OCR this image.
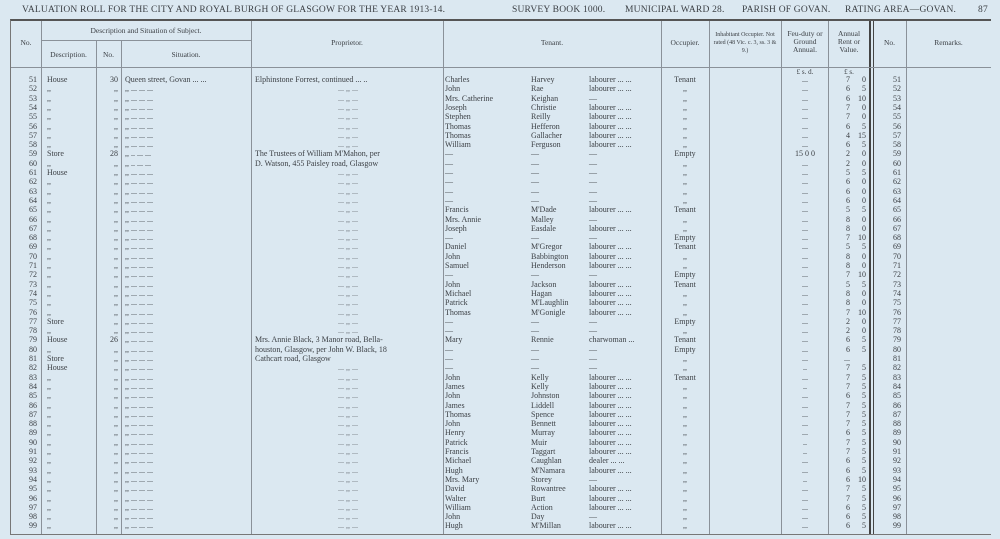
VALUATION ROLL FOR THE CITY AND ROYAL BURGH OF GLASGOW FOR THE YEAR 1913-14.	SURVEY BOOK 1000. MUNICIPAL WARD 28. PARISH OF GOVAN. RATING AREA—GOVAN. 87
No.
Description and Situation of Subject.
Description.	No.	Situation.
Proprietor.	Tenant.	Occupier.
Inhabitant Occupier. Not rated (48 Vic. c. 3, ss. 3 & 9.)
Feu-duty or Ground Annual.
Annual Rent or Value.
No.	Remarks.
£ s. d.	£ s.
51 House	30 Queen street, Govan ... ...	Elphinstone Forrest, continued ... ..	Charles	Harvey	labourer ... ...	Tenant	...	7	0	51
52 ,,	,, ,, ... ... ...	... ,, ...	John	Rae	labourer ... ...	,,	...	6	5	52
53 ,,	,, ,, ... ... ...	... ,, ...	Mrs. Catherine	Keighan	—	,,	...	6	10	53
54 ,,	,, ,, ... ... ...	... ,, ...	Joseph	Christie	labourer ... ...	,,	...	7	0	54
55 ,,	,, ,, ... ... ...	... ,, ...	Stephen	Reilly	labourer ... ...	,,	...	7	0	55
56 ,,	,, ,, ... ... ...	... ,, ...	Thomas	Hefferon	labourer ... ...	,,	...	6	5	56
57 ,,	,, ,, ... ... ...	... ,, ...	Thomas	Gallacher	labourer ... ...	,,	...	4	15	57
58 ,,	,, ,, ... ... ...	... ,, ...	William	Ferguson	labourer ... ...	,,	...	6	5	58
59 Store	28 ,, .. ... ...	The Trustees of William M'Mahon, per	—	—	—	Empty	15 0 0	2	0	59
60 ,,	,, ,, .. ... ...	D. Watson, 455 Paisley road, Glasgow	—	—	—	,,	...	2	0	60
61 House	,, ,, ... ... ...	... ,, ...	—	—	—	,,	...	5	5	61
62 ,,	,, ,, ... ... ...	... ,, ...	—	—	—	,,	...	6	0	62
63 ,,	,, ,, ... ... ...	... ,, ...	—	—	—	,,	...	6	0	63
64 ,,	,, ,, ... ... ...	... ,, ...	—	—	—	,,	...	6	0	64
65 ,,	,, ,, ... ... ...	... ,, ...	Francis	M'Dade	labourer ... ...	Tenant	...	5	5	65
66 ,,	,, ,, ... ... ...	... ,, ...	Mrs. Annie	Malley	—	,,	...	8	0	66
67 ,,	,, ,, ... ... ...	... ,, ...	Joseph	Easdale	labourer ... ...	,,	...	8	0	67
68 ,,	,, ,, ... ... ...	... ,, ...	—	—	—	Empty	...	7	10	68
69 ,,	,, ,, ... ... ...	... ,, ...	Daniel	M'Gregor	labourer ... ...	Tenant	...	5	5	69
70 ,,	,, ,, ... ... ...	... ,, ...	John	Babbington	labourer ... ...	,,	...	8	0	70
71 ,,	,, ,, ... ... ...	... ,, ...	Samuel	Henderson	labourer ... ...	,,	...	8	0	71
72 ,,	,, ,, ... ... ...	... ,, ...	—	—	—	Empty	...	7	10	72
73 ,,	,, ,, ... ... ...	... ,, ...	John	Jackson	labourer ... ...	Tenant	...	5	5	73
74 ,,	,, ,, ... ... ...	... ,, ...	Michael	Hagan	labourer ... ...	,,	...	8	0	74
75 ,,	,, ,, ... ... ...	... ,, ...	Patrick	M'Laughlin	labourer ... ...	,,	...	8	0	75
76 ,,	,, ,, ... ... ...	... ,, ...	Thomas	M'Gonigle	labourer ... ...	,,	...	7	10	76
77 Store	,, ,, ... ... ...	... ,, ...	—	—	—	Empty	...	2	0	77
78 ,,	,, ,, ... ... ...	... ,, ...	—	—	—	,,	...	2	0	78
79 House	26 ,, ... ... ...	Mrs. Annie Black, 3 Manor road, Bella-	Mary	Rennie	charwoman ...	Tenant	...	6	5	79
80 ,,	,, ,, ... ... ...	houston, Glasgow, per John W. Black, 18	—	—	—	Empty	...	6	5	80
81 Store	,, ,, ... ... ...	Cathcart road, Glasgow	—	—	—	,,	...	...	81
82 House	,, ,, ... ... ...	... ,, ...	—	—	—	,,	..	7	5	82
83 ,,	,, ,, ... ... ...	... ,, ...	John	Kelly	labourer ... ...	Tenant	...	7	5	83
84 ,,	,, ,, ... ... ...	... ,, ...	James	Kelly	labourer ... ...	,,	..	7	5	84
85 ,,	,, ,, ... ... ...	... ,, ...	John	Johnston	labourer ... ...	,,	...	6	5	85
86 ,,	,, ,, ... ... ...	... ,, ...	James	Liddell	labourer ... ...	,,	...	7	5	86
87 ,,	,, ,, ... ... ...	... ,, ...	Thomas	Spence	labourer ... ...	,,	...	7	5	87
88 ,,	,, ,, ... ... ...	... ,, ...	John	Bennett	labourer ... ...	,,	...	7	5	88
89 ,,	,, ,, ... ... ...	... ,, ...	Henry	Murray	labourer ... ...	,,	...	6	5	89
90 ,,	,, ,, ... ... ...	... ,, ...	Patrick	Muir	labourer ... ...	,,	..	7	5	90
91 ,,	,, ,, ... ... ...	... ,, ...	Francis	Taggart	labourer ... ...	,,	..	7	5	91
92 ,,	,, ,, ... ... ...	... ,, ...	Michael	Caughlan	dealer ... ...	,,	...	6	5	92
93 ,,	,, ,, ... ... ...	... ,, ...	Hugh	M'Namara	labourer ... ...	,,	...	6	5	93
94 ,,	,, ,, ... ... ...	... ,, ...	Mrs. Mary	Storey	—	,,	..	6	10	94
95 ,,	,, ,, ... ... ...	... ,, ...	David	Rowantree	labourer ... ...	,,	...	7	5	95
96 ,,	,, ,, ... ... ...	... ,, ...	Walter	Burt	labourer ... ...	,,	...	7	5	96
97 ,,	,, ,, ... ... ...	... ,, ...	William	Action	labourer ... ...	,,	...	6	5	97
98 ,,	,, ,, ... ... ...	... ,, ...	John	Day	—	,,	...	6	5	98
99 ,,	,, ,, ... ... ...	... ,, ...	Hugh	M'Millan	labourer ... ...	,,	...	6	5	99
